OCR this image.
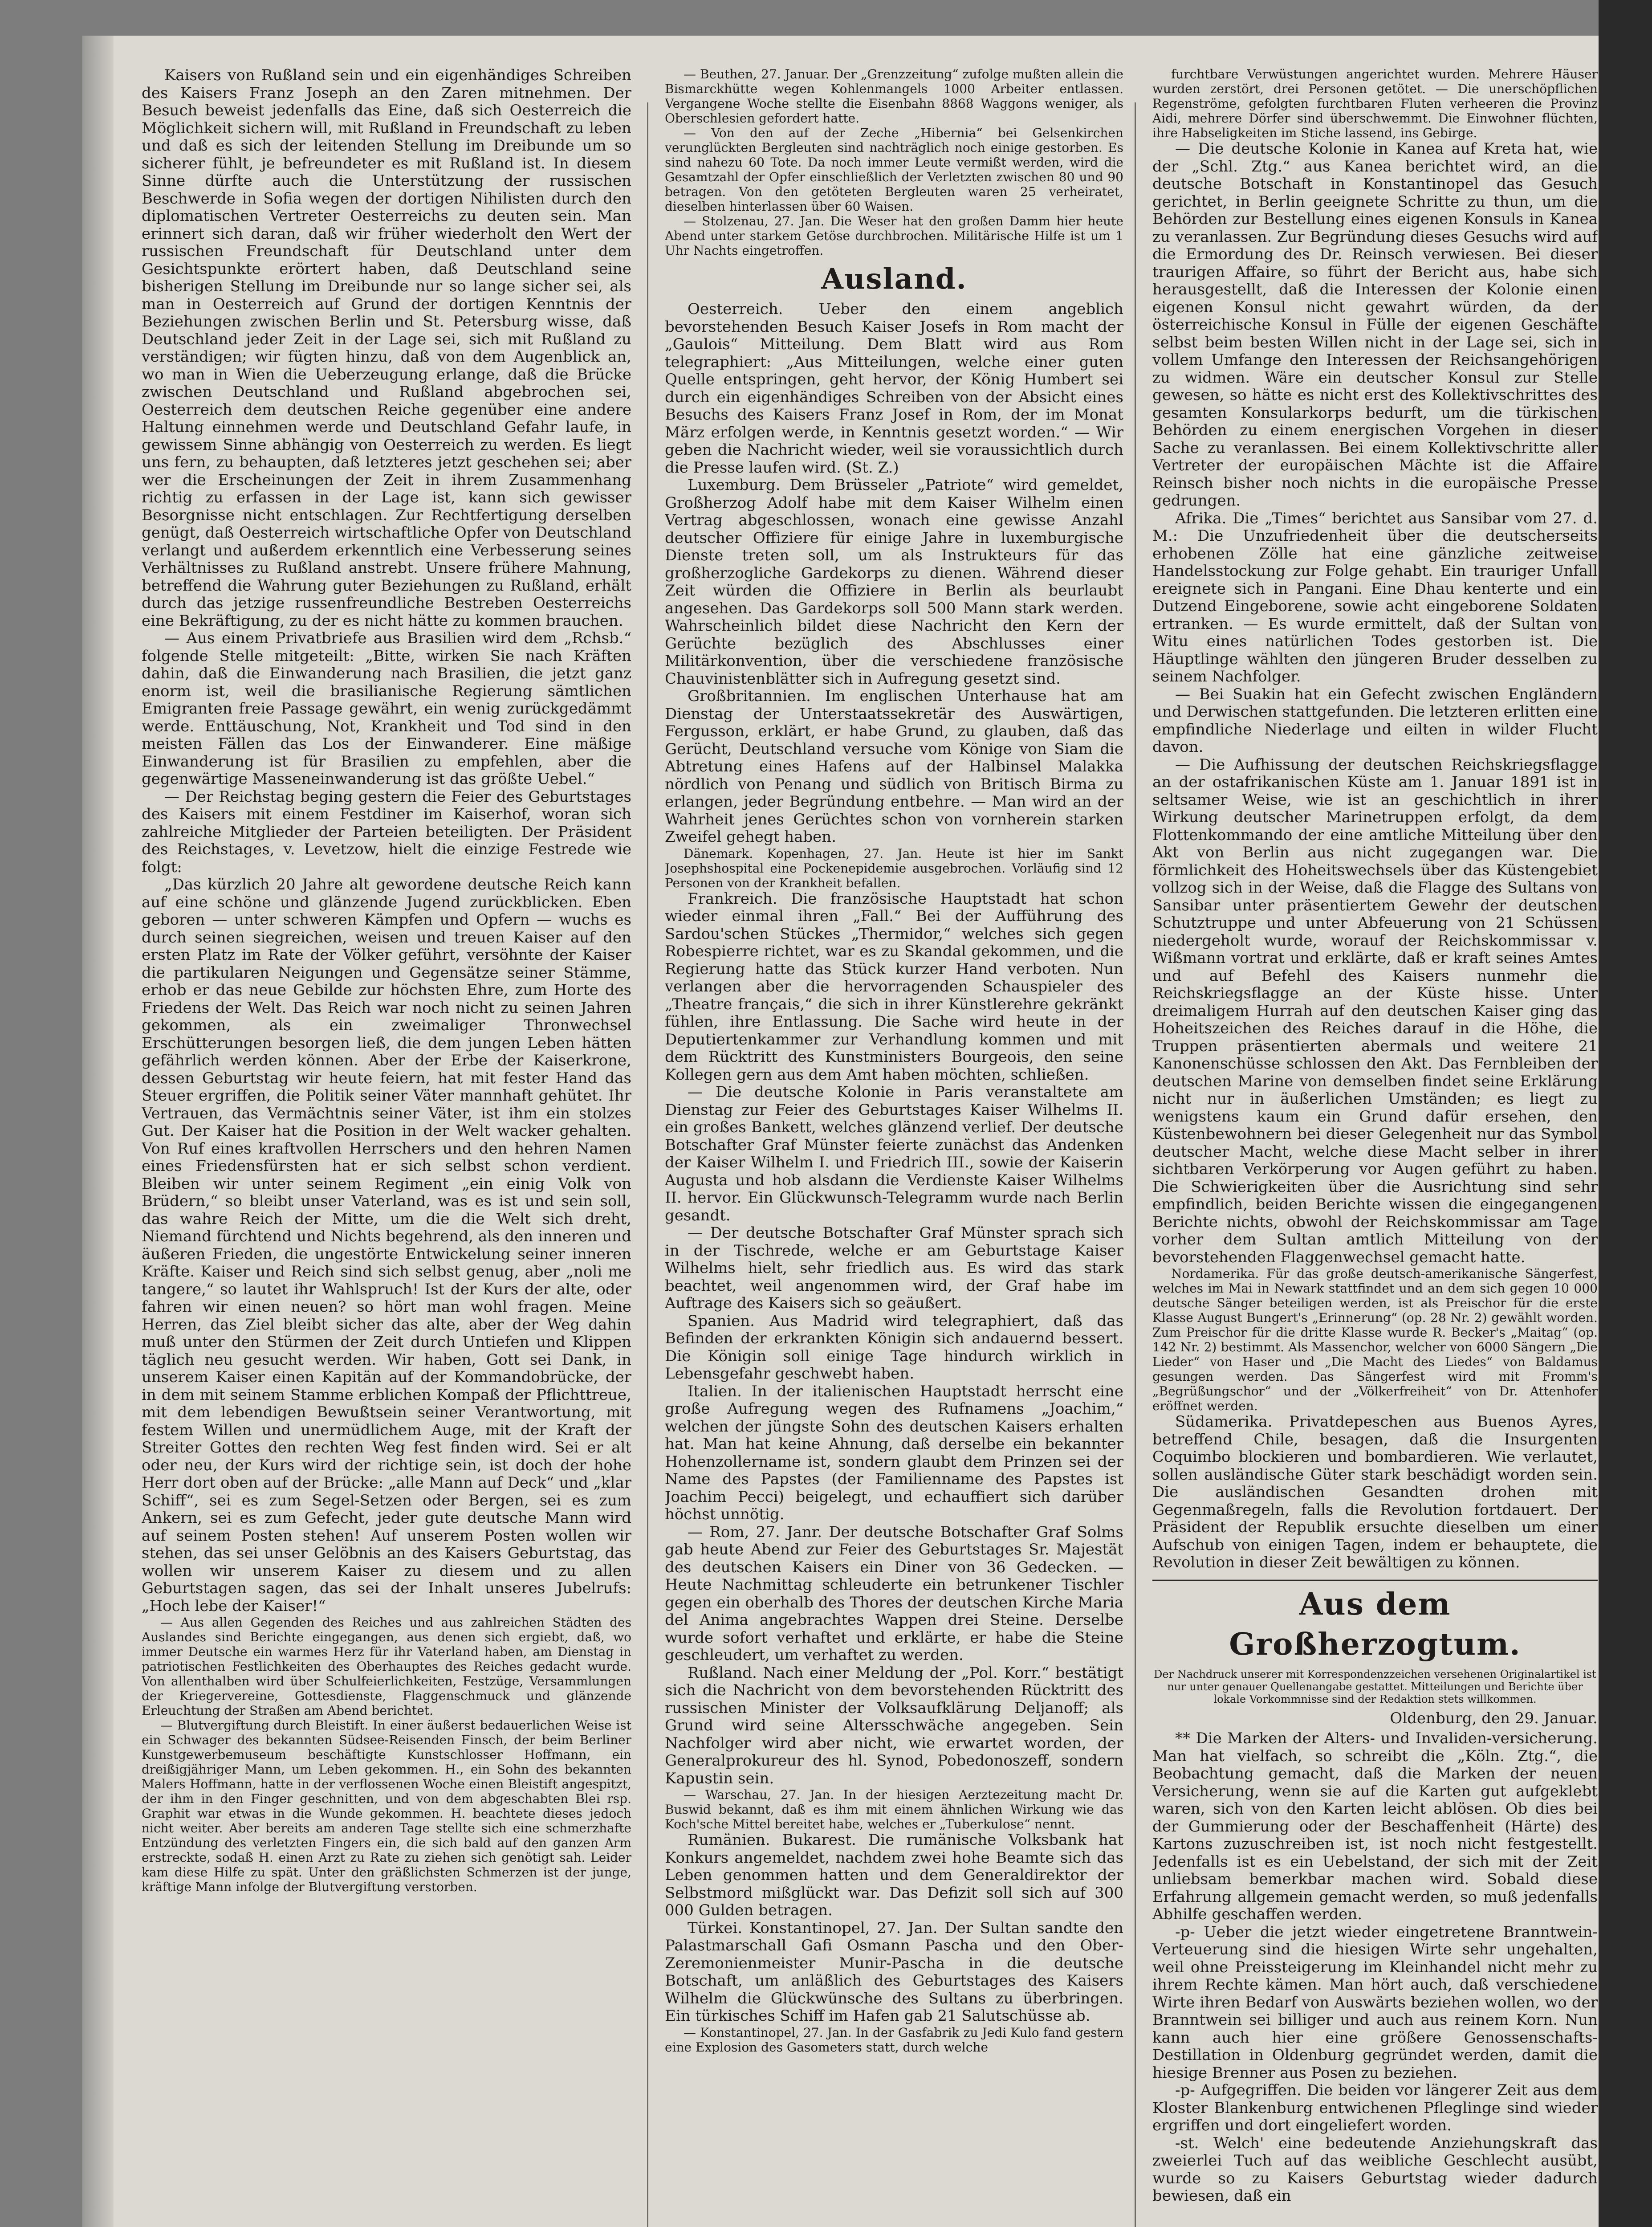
Kaisers von Rußland sein und ein eigenhändiges Schreiben des Kaisers Franz Joseph an den Zaren mitnehmen. Der Besuch beweist jedenfalls das Eine, daß sich Oesterreich die Möglichkeit sichern will, mit Rußland in Freundschaft zu leben und daß es sich der leitenden Stellung im Dreibunde um so sicherer fühlt, je befreundeter es mit Rußland ist. In diesem Sinne dürfte auch die Unterstützung der russischen Beschwerde in Sofia wegen der dortigen Nihilisten durch den diplomatischen Vertreter Oesterreichs zu deuten sein. Man erinnert sich daran, daß wir früher wiederholt den Wert der russischen Freundschaft für Deutschland unter dem Gesichtspunkte erörtert haben, daß Deutschland seine bisherigen Stellung im Dreibunde nur so lange sicher sei, als man in Oesterreich auf Grund der dortigen Kenntnis der Beziehungen zwischen Berlin und St. Petersburg wisse, daß Deutschland jeder Zeit in der Lage sei, sich mit Rußland zu verständigen; wir fügten hinzu, daß von dem Augenblick an, wo man in Wien die Ueberzeugung erlange, daß die Brücke zwischen Deutschland und Rußland abgebrochen sei, Oesterreich dem deutschen Reiche gegenüber eine andere Haltung einnehmen werde und Deutschland Gefahr laufe, in gewissem Sinne abhängig von Oesterreich zu werden. Es liegt uns fern, zu behaupten, daß letzteres jetzt geschehen sei; aber wer die Erscheinungen der Zeit in ihrem Zusammenhang richtig zu erfassen in der Lage ist, kann sich gewisser Besorgnisse nicht entschlagen. Zur Rechtfertigung derselben genügt, daß Oesterreich wirtschaftliche Opfer von Deutschland verlangt und außerdem erkenntlich eine Verbesserung seines Verhältnisses zu Rußland anstrebt. Unsere frühere Mahnung, betreffend die Wahrung guter Beziehungen zu Rußland, erhält durch das jetzige russenfreundliche Bestreben Oesterreichs eine Bekräftigung, zu der es nicht hätte zu kommen brauchen.

— Aus einem Privatbriefe aus Brasilien wird dem „Rchsb.“ folgende Stelle mitgeteilt: „Bitte, wirken Sie nach Kräften dahin, daß die Einwanderung nach Brasilien, die jetzt ganz enorm ist, weil die brasilianische Regierung sämtlichen Emigranten freie Passage gewährt, ein wenig zurückgedämmt werde. Enttäuschung, Not, Krankheit und Tod sind in den meisten Fällen das Los der Einwanderer. Eine mäßige Einwanderung ist für Brasilien zu empfehlen, aber die gegenwärtige Masseneinwanderung ist das größte Uebel.“

— Der Reichstag beging gestern die Feier des Geburtstages des Kaisers mit einem Festdiner im Kaiserhof, woran sich zahlreiche Mitglieder der Parteien beteiligten. Der Präsident des Reichstages, v. Levetzow, hielt die einzige Festrede wie folgt:

„Das kürzlich 20 Jahre alt gewordene deutsche Reich kann auf eine schöne und glänzende Jugend zurückblicken. Eben geboren — unter schweren Kämpfen und Opfern — wuchs es durch seinen siegreichen, weisen und treuen Kaiser auf den ersten Platz im Rate der Völker geführt, versöhnte der Kaiser die partikularen Neigungen und Gegensätze seiner Stämme, erhob er das neue Gebilde zur höchsten Ehre, zum Horte des Friedens der Welt. Das Reich war noch nicht zu seinen Jahren gekommen, als ein zweimaliger Thronwechsel Erschütterungen besorgen ließ, die dem jungen Leben hätten gefährlich werden können. Aber der Erbe der Kaiserkrone, dessen Geburtstag wir heute feiern, hat mit fester Hand das Steuer ergriffen, die Politik seiner Väter mannhaft gehütet. Ihr Vertrauen, das Vermächtnis seiner Väter, ist ihm ein stolzes Gut. Der Kaiser hat die Position in der Welt wacker gehalten. Von Ruf eines kraftvollen Herrschers und den hehren Namen eines Friedensfürsten hat er sich selbst schon verdient. Bleiben wir unter seinem Regiment „ein einig Volk von Brüdern,“ so bleibt unser Vaterland, was es ist und sein soll, das wahre Reich der Mitte, um die die Welt sich dreht, Niemand fürchtend und Nichts begehrend, als den inneren und äußeren Frieden, die ungestörte Entwickelung seiner inneren Kräfte. Kaiser und Reich sind sich selbst genug, aber „noli me tangere,“ so lautet ihr Wahlspruch! Ist der Kurs der alte, oder fahren wir einen neuen? so hört man wohl fragen. Meine Herren, das Ziel bleibt sicher das alte, aber der Weg dahin muß unter den Stürmen der Zeit durch Untiefen und Klippen täglich neu gesucht werden. Wir haben, Gott sei Dank, in unserem Kaiser einen Kapitän auf der Kommandobrücke, der in dem mit seinem Stamme erblichen Kompaß der Pflichttreue, mit dem lebendigen Bewußtsein seiner Verantwortung, mit festem Willen und unermüdlichem Auge, mit der Kraft der Streiter Gottes den rechten Weg fest finden wird. Sei er alt oder neu, der Kurs wird der richtige sein, ist doch der hohe Herr dort oben auf der Brücke: „alle Mann auf Deck“ und „klar Schiff“, sei es zum Segel-Setzen oder Bergen, sei es zum Ankern, sei es zum Gefecht, jeder gute deutsche Mann wird auf seinem Posten stehen! Auf unserem Posten wollen wir stehen, das sei unser Gelöbnis an des Kaisers Geburtstag, das wollen wir unserem Kaiser zu diesem und zu allen Geburtstagen sagen, das sei der Inhalt unseres Jubelrufs: „Hoch lebe der Kaiser!“

— Aus allen Gegenden des Reiches und aus zahlreichen Städten des Auslandes sind Berichte eingegangen, aus denen sich ergiebt, daß, wo immer Deutsche ein warmes Herz für ihr Vaterland haben, am Dienstag in patriotischen Festlichkeiten des Oberhauptes des Reiches gedacht wurde. Von allenthalben wird über Schulfeierlichkeiten, Festzüge, Versammlungen der Kriegervereine, Gottesdienste, Flaggenschmuck und glänzende Erleuchtung der Straßen am Abend berichtet.

— Blutvergiftung durch Bleistift. In einer äußerst bedauerlichen Weise ist ein Schwager des bekannten Südsee-Reisenden Finsch, der beim Berliner Kunstgewerbemuseum beschäftigte Kunstschlosser Hoffmann, ein dreißigjähriger Mann, um Leben gekommen. H., ein Sohn des bekannten Malers Hoffmann, hatte in der verflossenen Woche einen Bleistift angespitzt, der ihm in den Finger geschnitten, und von dem abgeschabten Blei rsp. Graphit war etwas in die Wunde gekommen. H. beachtete dieses jedoch nicht weiter. Aber bereits am anderen Tage stellte sich eine schmerzhafte Entzündung des verletzten Fingers ein, die sich bald auf den ganzen Arm erstreckte, sodaß H. einen Arzt zu Rate zu ziehen sich genötigt sah. Leider kam diese Hilfe zu spät. Unter den gräßlichsten Schmerzen ist der junge, kräftige Mann infolge der Blutvergiftung verstorben.

— Beuthen, 27. Januar. Der „Grenzzeitung“ zufolge mußten allein die Bismarckhütte wegen Kohlenmangels 1000 Arbeiter entlassen. Vergangene Woche stellte die Eisenbahn 8868 Waggons weniger, als Oberschlesien gefordert hatte.

— Von den auf der Zeche „Hibernia“ bei Gelsenkirchen verunglückten Bergleuten sind nachträglich noch einige gestorben. Es sind nahezu 60 Tote. Da noch immer Leute vermißt werden, wird die Gesamtzahl der Opfer einschließlich der Verletzten zwischen 80 und 90 betragen. Von den getöteten Bergleuten waren 25 verheiratet, dieselben hinterlassen über 60 Waisen.

— Stolzenau, 27. Jan. Die Weser hat den großen Damm hier heute Abend unter starkem Getöse durchbrochen. Militärische Hilfe ist um 1 Uhr Nachts eingetroffen.

Ausland.

Oesterreich. Ueber den einem angeblich bevorstehenden Besuch Kaiser Josefs in Rom macht der „Gaulois“ Mitteilung. Dem Blatt wird aus Rom telegraphiert: „Aus Mitteilungen, welche einer guten Quelle entspringen, geht hervor, der König Humbert sei durch ein eigenhändiges Schreiben von der Absicht eines Besuchs des Kaisers Franz Josef in Rom, der im Monat März erfolgen werde, in Kenntnis gesetzt worden.“ — Wir geben die Nachricht wieder, weil sie voraussichtlich durch die Presse laufen wird. (St. Z.)

Luxemburg. Dem Brüsseler „Patriote“ wird gemeldet, Großherzog Adolf habe mit dem Kaiser Wilhelm einen Vertrag abgeschlossen, wonach eine gewisse Anzahl deutscher Offiziere für einige Jahre in luxemburgische Dienste treten soll, um als Instrukteurs für das großherzogliche Gardekorps zu dienen. Während dieser Zeit würden die Offiziere in Berlin als beurlaubt angesehen. Das Gardekorps soll 500 Mann stark werden. Wahrscheinlich bildet diese Nachricht den Kern der Gerüchte bezüglich des Abschlusses einer Militärkonvention, über die verschiedene französische Chauvinistenblätter sich in Aufregung gesetzt sind.

Großbritannien. Im englischen Unterhause hat am Dienstag der Unterstaatssekretär des Auswärtigen, Fergusson, erklärt, er habe Grund, zu glauben, daß das Gerücht, Deutschland versuche vom Könige von Siam die Abtretung eines Hafens auf der Halbinsel Malakka nördlich von Penang und südlich von Britisch Birma zu erlangen, jeder Begründung entbehre. — Man wird an der Wahrheit jenes Gerüchtes schon von vornherein starken Zweifel gehegt haben.

Dänemark. Kopenhagen, 27. Jan. Heute ist hier im Sankt Josephshospital eine Pockenepidemie ausgebrochen. Vorläufig sind 12 Personen von der Krankheit befallen.

Frankreich. Die französische Hauptstadt hat schon wieder einmal ihren „Fall.“ Bei der Aufführung des Sardou'schen Stückes „Thermidor,“ welches sich gegen Robespierre richtet, war es zu Skandal gekommen, und die Regierung hatte das Stück kurzer Hand verboten. Nun verlangen aber die hervorragenden Schauspieler des „Theatre français,“ die sich in ihrer Künstlerehre gekränkt fühlen, ihre Entlassung. Die Sache wird heute in der Deputiertenkammer zur Verhandlung kommen und mit dem Rücktritt des Kunstministers Bourgeois, den seine Kollegen gern aus dem Amt haben möchten, schließen.

— Die deutsche Kolonie in Paris veranstaltete am Dienstag zur Feier des Geburtstages Kaiser Wilhelms II. ein großes Bankett, welches glänzend verlief. Der deutsche Botschafter Graf Münster feierte zunächst das Andenken der Kaiser Wilhelm I. und Friedrich III., sowie der Kaiserin Augusta und hob alsdann die Verdienste Kaiser Wilhelms II. hervor. Ein Glückwunsch-Telegramm wurde nach Berlin gesandt.

— Der deutsche Botschafter Graf Münster sprach sich in der Tischrede, welche er am Geburtstage Kaiser Wilhelms hielt, sehr friedlich aus. Es wird das stark beachtet, weil angenommen wird, der Graf habe im Auftrage des Kaisers sich so geäußert.

Spanien. Aus Madrid wird telegraphiert, daß das Befinden der erkrankten Königin sich andauernd bessert. Die Königin soll einige Tage hindurch wirklich in Lebensgefahr geschwebt haben.

Italien. In der italienischen Hauptstadt herrscht eine große Aufregung wegen des Rufnamens „Joachim,“ welchen der jüngste Sohn des deutschen Kaisers erhalten hat. Man hat keine Ahnung, daß derselbe ein bekannter Hohenzollername ist, sondern glaubt dem Prinzen sei der Name des Papstes (der Familienname des Papstes ist Joachim Pecci) beigelegt, und echauffiert sich darüber höchst unnötig.

— Rom, 27. Janr. Der deutsche Botschafter Graf Solms gab heute Abend zur Feier des Geburtstages Sr. Majestät des deutschen Kaisers ein Diner von 36 Gedecken. — Heute Nachmittag schleuderte ein betrunkener Tischler gegen ein oberhalb des Thores der deutschen Kirche Maria del Anima angebrachtes Wappen drei Steine. Derselbe wurde sofort verhaftet und erklärte, er habe die Steine geschleudert, um verhaftet zu werden.

Rußland. Nach einer Meldung der „Pol. Korr.“ bestätigt sich die Nachricht von dem bevorstehenden Rücktritt des russischen Minister der Volksaufklärung Deljanoff; als Grund wird seine Altersschwäche angegeben. Sein Nachfolger wird aber nicht, wie erwartet worden, der Generalprokureur des hl. Synod, Pobedonoszeff, sondern Kapustin sein.

— Warschau, 27. Jan. In der hiesigen Aerztezeitung macht Dr. Buswid bekannt, daß es ihm mit einem ähnlichen Wirkung wie das Koch'sche Mittel bereitet habe, welches er „Tuberkulose“ nennt.

Rumänien. Bukarest. Die rumänische Volksbank hat Konkurs angemeldet, nachdem zwei hohe Beamte sich das Leben genommen hatten und dem Generaldirektor der Selbstmord mißglückt war. Das Defizit soll sich auf 300 000 Gulden betragen.

Türkei. Konstantinopel, 27. Jan. Der Sultan sandte den Palastmarschall Gafi Osmann Pascha und den Ober-Zeremonienmeister Munir-Pascha in die deutsche Botschaft, um anläßlich des Geburtstages des Kaisers Wilhelm die Glückwünsche des Sultans zu überbringen. Ein türkisches Schiff im Hafen gab 21 Salutschüsse ab.

— Konstantinopel, 27. Jan. In der Gasfabrik zu Jedi Kulo fand gestern eine Explosion des Gasometers statt, durch welche

furchtbare Verwüstungen angerichtet wurden. Mehrere Häuser wurden zerstört, drei Personen getötet. — Die unerschöpflichen Regenströme, gefolgten furchtbaren Fluten verheeren die Provinz Aidi, mehrere Dörfer sind überschwemmt. Die Einwohner flüchten, ihre Habseligkeiten im Stiche lassend, ins Gebirge.

— Die deutsche Kolonie in Kanea auf Kreta hat, wie der „Schl. Ztg.“ aus Kanea berichtet wird, an die deutsche Botschaft in Konstantinopel das Gesuch gerichtet, in Berlin geeignete Schritte zu thun, um die Behörden zur Bestellung eines eigenen Konsuls in Kanea zu veranlassen. Zur Begründung dieses Gesuchs wird auf die Ermordung des Dr. Reinsch verwiesen. Bei dieser traurigen Affaire, so führt der Bericht aus, habe sich herausgestellt, daß die Interessen der Kolonie einen eigenen Konsul nicht gewahrt würden, da der österreichische Konsul in Fülle der eigenen Geschäfte selbst beim besten Willen nicht in der Lage sei, sich in vollem Umfange den Interessen der Reichsangehörigen zu widmen. Wäre ein deutscher Konsul zur Stelle gewesen, so hätte es nicht erst des Kollektivschrittes des gesamten Konsularkorps bedurft, um die türkischen Behörden zu einem energischen Vorgehen in dieser Sache zu veranlassen. Bei einem Kollektivschritte aller Vertreter der europäischen Mächte ist die Affaire Reinsch bisher noch nichts in die europäische Presse gedrungen.

Afrika. Die „Times“ berichtet aus Sansibar vom 27. d. M.: Die Unzufriedenheit über die deutscherseits erhobenen Zölle hat eine gänzliche zeitweise Handelsstockung zur Folge gehabt. Ein trauriger Unfall ereignete sich in Pangani. Eine Dhau kenterte und ein Dutzend Eingeborene, sowie acht eingeborene Soldaten ertranken. — Es wurde ermittelt, daß der Sultan von Witu eines natürlichen Todes gestorben ist. Die Häuptlinge wählten den jüngeren Bruder desselben zu seinem Nachfolger.

— Bei Suakin hat ein Gefecht zwischen Engländern und Derwischen stattgefunden. Die letzteren erlitten eine empfindliche Niederlage und eilten in wilder Flucht davon.

— Die Aufhissung der deutschen Reichskriegsflagge an der ostafrikanischen Küste am 1. Januar 1891 ist in seltsamer Weise, wie ist an geschichtlich in ihrer Wirkung deutscher Marinetruppen erfolgt, da dem Flottenkommando der eine amtliche Mitteilung über den Akt von Berlin aus nicht zugegangen war. Die förmlichkeit des Hoheitswechsels über das Küstengebiet vollzog sich in der Weise, daß die Flagge des Sultans von Sansibar unter präsentiertem Gewehr der deutschen Schutztruppe und unter Abfeuerung von 21 Schüssen niedergeholt wurde, worauf der Reichskommissar v. Wißmann vortrat und erklärte, daß er kraft seines Amtes und auf Befehl des Kaisers nunmehr die Reichskriegsflagge an der Küste hisse. Unter dreimaligem Hurrah auf den deutschen Kaiser ging das Hoheitszeichen des Reiches darauf in die Höhe, die Truppen präsentierten abermals und weitere 21 Kanonenschüsse schlossen den Akt. Das Fernbleiben der deutschen Marine von demselben findet seine Erklärung nicht nur in äußerlichen Umständen; es liegt zu wenigstens kaum ein Grund dafür ersehen, den Küstenbewohnern bei dieser Gelegenheit nur das Symbol deutscher Macht, welche diese Macht selber in ihrer sichtbaren Verkörperung vor Augen geführt zu haben. Die Schwierigkeiten über die Ausrichtung sind sehr empfindlich, beiden Berichte wissen die eingegangenen Berichte nichts, obwohl der Reichskommissar am Tage vorher dem Sultan amtlich Mitteilung von der bevorstehenden Flaggenwechsel gemacht hatte.

Nordamerika. Für das große deutsch-amerikanische Sängerfest, welches im Mai in Newark stattfindet und an dem sich gegen 10 000 deutsche Sänger beteiligen werden, ist als Preischor für die erste Klasse August Bungert's „Erinnerung“ (op. 28 Nr. 2) gewählt worden. Zum Preischor für die dritte Klasse wurde R. Becker's „Maitag“ (op. 142 Nr. 2) bestimmt. Als Massenchor, welcher von 6000 Sängern „Die Lieder“ von Haser und „Die Macht des Liedes“ von Baldamus gesungen werden. Das Sängerfest wird mit Fromm's „Begrüßungschor“ und der „Völkerfreiheit“ von Dr. Attenhofer eröffnet werden.

Südamerika. Privatdepeschen aus Buenos Ayres, betreffend Chile, besagen, daß die Insurgenten Coquimbo blockieren und bombardieren. Wie verlautet, sollen ausländische Güter stark beschädigt worden sein. Die ausländischen Gesandten drohen mit Gegenmaßregeln, falls die Revolution fortdauert. Der Präsident der Republik ersuchte dieselben um einer Aufschub von einigen Tagen, indem er behauptete, die Revolution in dieser Zeit bewältigen zu können.

Aus dem Großherzogtum.
Der Nachdruck unserer mit Korrespondenzzeichen versehenen Originalartikel ist nur unter genauer Quellenangabe gestattet. Mitteilungen und Berichte über lokale Vorkommnisse sind der Redaktion stets willkommen.
Oldenburg, den 29. Januar.

** Die Marken der Alters- und Invaliden-versicherung. Man hat vielfach, so schreibt die „Köln. Ztg.“, die Beobachtung gemacht, daß die Marken der neuen Versicherung, wenn sie auf die Karten gut aufgeklebt waren, sich von den Karten leicht ablösen. Ob dies bei der Gummierung oder der Beschaffenheit (Härte) des Kartons zuzuschreiben ist, ist noch nicht festgestellt. Jedenfalls ist es ein Uebelstand, der sich mit der Zeit unliebsam bemerkbar machen wird. Sobald diese Erfahrung allgemein gemacht werden, so muß jedenfalls Abhilfe geschaffen werden.

-p- Ueber die jetzt wieder eingetretene Branntwein-Verteuerung sind die hiesigen Wirte sehr ungehalten, weil ohne Preissteigerung im Kleinhandel nicht mehr zu ihrem Rechte kämen. Man hört auch, daß verschiedene Wirte ihren Bedarf von Auswärts beziehen wollen, wo der Branntwein sei billiger und auch aus reinem Korn. Nun kann auch hier eine größere Genossenschafts-Destillation in Oldenburg gegründet werden, damit die hiesige Brenner aus Posen zu beziehen.

-p- Aufgegriffen. Die beiden vor längerer Zeit aus dem Kloster Blankenburg entwichenen Pfleglinge sind wieder ergriffen und dort eingeliefert worden.

-st. Welch' eine bedeutende Anziehungskraft das zweierlei Tuch auf das weibliche Geschlecht ausübt, wurde so zu Kaisers Geburtstag wieder dadurch bewiesen, daß ein
